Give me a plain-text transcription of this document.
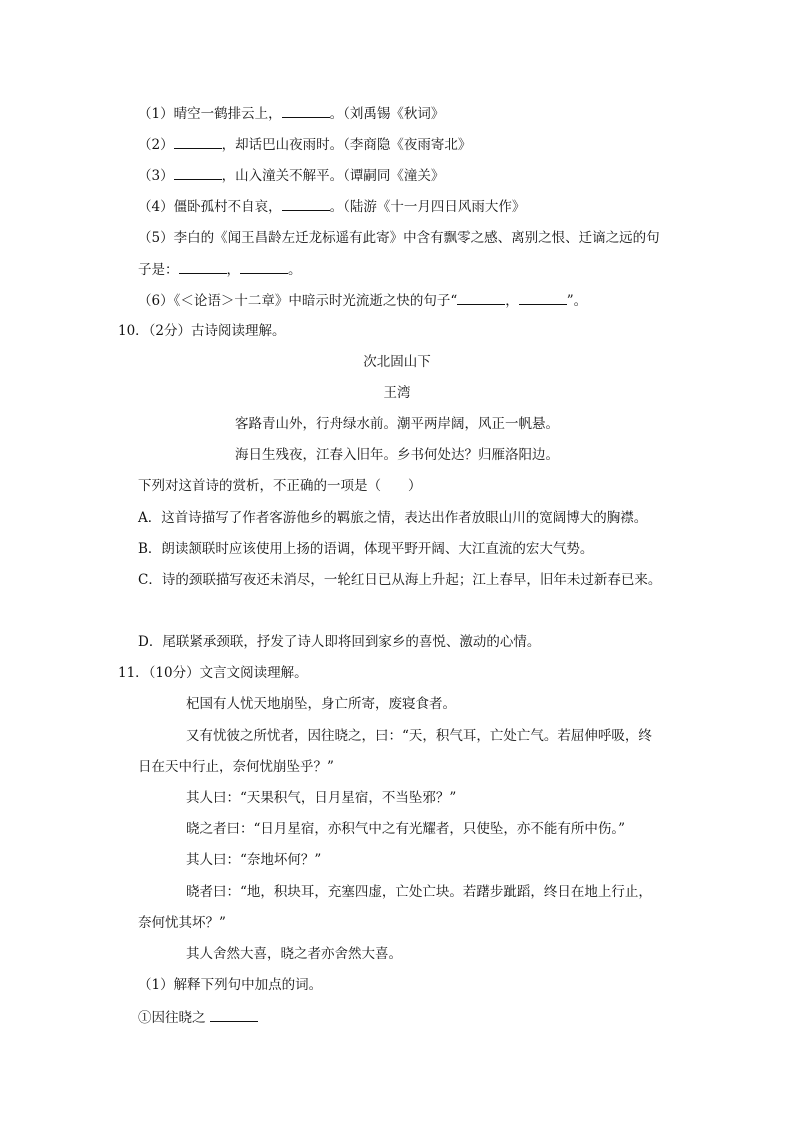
（1）晴空一鹤排云上，	。（刘禹锡《秋词》
（2）	，却话巴山夜雨时。（李商隐《夜雨寄北》
（3）	，山入潼关不解平。（谭嗣同《潼关》
（4）僵卧孤村不自哀，	。（陆游《十一月四日风雨大作》
（5）李白的《闻王昌龄左迁龙标遥有此寄》中含有飘零之感、离别之恨、迁谪之远的句
子是：	，	。
（6）《＜论语＞十二章》中暗示时光流逝之快的句子“	，	”。
10．（2分）古诗阅读理解。
次北固山下
王湾
客路青山外，行舟绿水前。潮平两岸阔，风正一帆悬。
海日生残夜，江春入旧年。乡书何处达？归雁洛阳边。
下列对这首诗的赏析，不正确的一项是（　　）
A．这首诗描写了作者客游他乡的羁旅之情，表达出作者放眼山川的宽阔博大的胸襟。
B．朗读颔联时应该使用上扬的语调，体现平野开阔、大江直流的宏大气势。
C．诗的颈联描写夜还未消尽，一轮红日已从海上升起；江上春早，旧年未过新春已来。
D．尾联紧承颈联，抒发了诗人即将回到家乡的喜悦、激动的心情。
11．（10分）文言文阅读理解。
杞国有人忧天地崩坠，身亡所寄，废寝食者。
又有忧彼之所忧者，因往晓之，曰：“天，积气耳，亡处亡气。若屈伸呼吸，终
日在天中行止，奈何忧崩坠乎？”
其人曰：“天果积气，日月星宿，不当坠邪？”
晓之者曰：“日月星宿，亦积气中之有光耀者，只使坠，亦不能有所中伤。”
其人曰：“奈地坏何？”
晓者曰：“地，积块耳，充塞四虚，亡处亡块。若躇步跐蹈，终日在地上行止，
奈何忧其坏？”
其人舍然大喜，晓之者亦舍然大喜。
（1）解释下列句中加点的词。
①因往晓之
